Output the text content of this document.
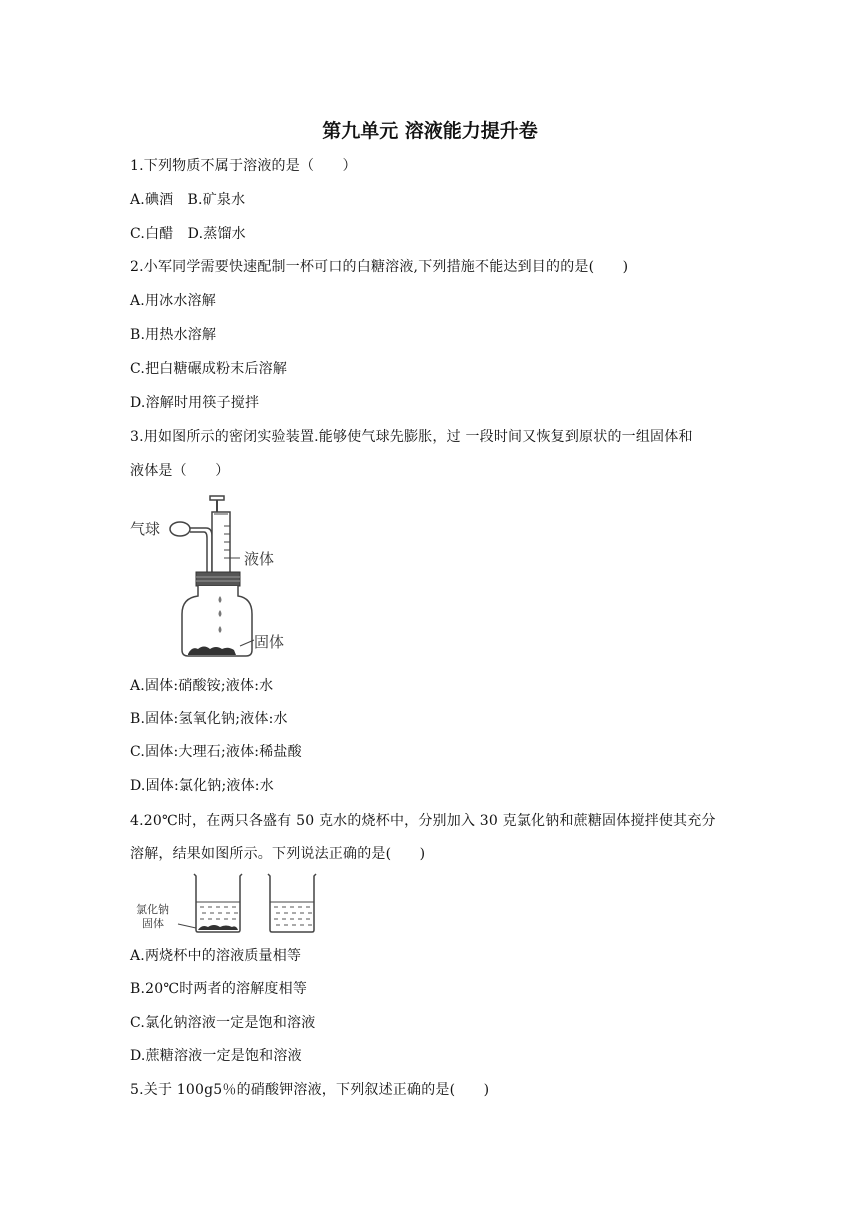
第九单元 溶液能力提升卷
1.下列物质不属于溶液的是（　　）
A.碘酒　B.矿泉水
C.白醋　D.蒸馏水
2.小军同学需要快速配制一杯可口的白糖溶液,下列措施不能达到目的的是(　　)
A.用冰水溶解
B.用热水溶解
C.把白糖碾成粉末后溶解
D.溶解时用筷子搅拌
3.用如图所示的密闭实验装置.能够使气球先膨胀，过 一段时间又恢复到原状的一组固体和
液体是（　　）
气球
液体
固体
A.固体:硝酸铵;液体:水
B.固体:氢氧化钠;液体:水
C.固体:大理石;液体:稀盐酸
D.固体:氯化钠;液体:水
4.20℃时，在两只各盛有 50 克水的烧杯中，分别加入 30 克氯化钠和蔗糖固体搅拌使其充分
溶解，结果如图所示。下列说法正确的是(　　)
氯化钠
固体
A.两烧杯中的溶液质量相等
B.20℃时两者的溶解度相等
C.氯化钠溶液一定是饱和溶液
D.蔗糖溶液一定是饱和溶液
5.关于 100g5％的硝酸钾溶液，下列叙述正确的是(　　)
